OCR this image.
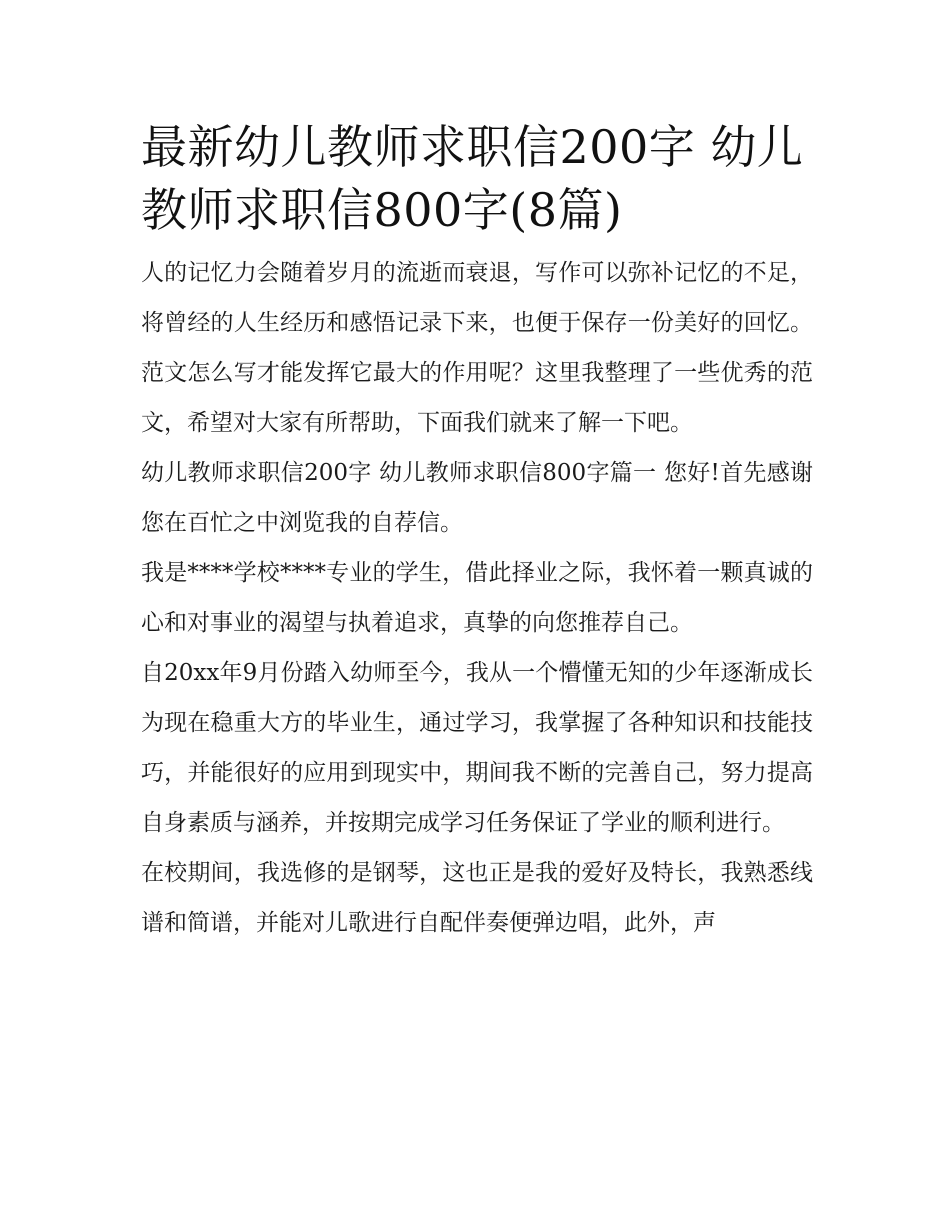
最新幼儿教师求职信200字 幼儿教师求职信800字(8篇)

人的记忆力会随着岁月的流逝而衰退，写作可以弥补记忆的不足，将曾经的人生经历和感悟记录下来，也便于保存一份美好的回忆。范文怎么写才能发挥它最大的作用呢？这里我整理了一些优秀的范文，希望对大家有所帮助，下面我们就来了解一下吧。

幼儿教师求职信200字 幼儿教师求职信800字篇一 您好!首先感谢您在百忙之中浏览我的自荐信。

我是****学校****专业的学生，借此择业之际，我怀着一颗真诚的心和对事业的渴望与执着追求，真挚的向您推荐自己。

自20xx年9月份踏入幼师至今，我从一个懵懂无知的少年逐渐成长为现在稳重大方的毕业生，通过学习，我掌握了各种知识和技能技巧，并能很好的应用到现实中，期间我不断的完善自己，努力提高自身素质与涵养，并按期完成学习任务保证了学业的顺利进行。

在校期间，我选修的是钢琴，这也正是我的爱好及特长，我熟悉线谱和简谱，并能对儿歌进行自配伴奏便弹边唱，此外，声
